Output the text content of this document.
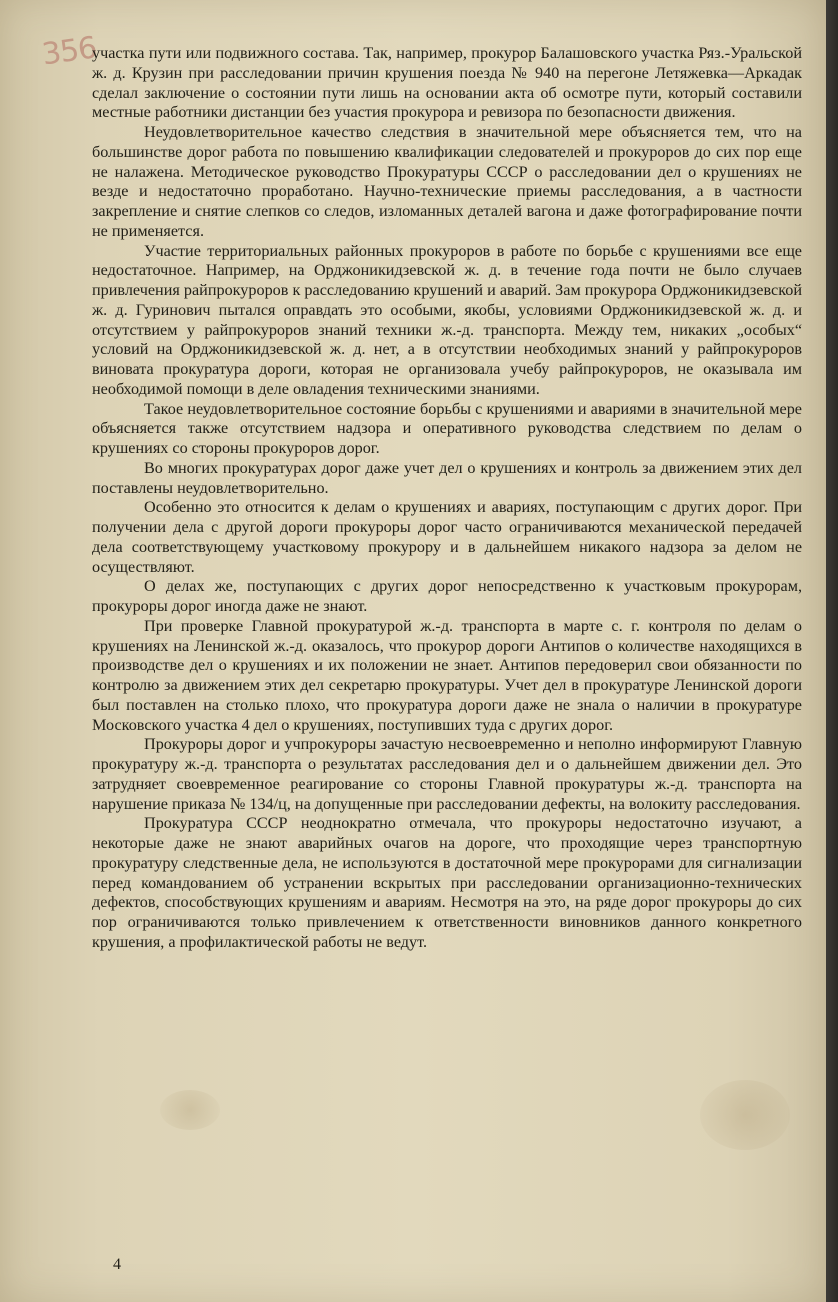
356

участка пути или подвижного состава. Так, например, прокурор Балашовского участка Ряз.-Уральской ж. д. Крузин при расследовании причин крушения поезда № 940 на перегоне Летяжевка—Аркадак сделал заключение о состоянии пути лишь на основании акта об осмотре пути, который составили местные работники дистанции без участия прокурора и ревизора по безопасности движения.

Неудовлетворительное качество следствия в значительной мере объясняется тем, что на большинстве дорог работа по повышению квалификации следователей и прокуроров до сих пор еще не налажена. Методическое руководство Прокуратуры СССР о расследовании дел о крушениях не везде и недостаточно проработано. Научно-технические приемы расследования, а в частности закрепление и снятие слепков со следов, изломанных деталей вагона и даже фотографирование почти не применяется.

Участие территориальных районных прокуроров в работе по борьбе с крушениями все еще недостаточное. Например, на Орджоникидзевской ж. д. в течение года почти не было случаев привлечения райпрокуроров к расследованию крушений и аварий. Зам прокурора Орджоникидзевской ж. д. Гуринович пытался оправдать это особыми, якобы, условиями Орджоникидзевской ж. д. и отсутствием у райпрокуроров знаний техники ж.-д. транспорта. Между тем, никаких „особых“ условий на Орджоникидзевской ж. д. нет, а в отсутствии необходимых знаний у райпрокуроров виновата прокуратура дороги, которая не организовала учебу райпрокуроров, не оказывала им необходимой помощи в деле овладения техническими знаниями.

Такое неудовлетворительное состояние борьбы с крушениями и авариями в значительной мере объясняется также отсутствием надзора и оперативного руководства следствием по делам о крушениях со стороны прокуроров дорог.

Во многих прокуратурах дорог даже учет дел о крушениях и контроль за движением этих дел поставлены неудовлетворительно.

Особенно это относится к делам о крушениях и авариях, поступающим с других дорог. При получении дела с другой дороги прокуроры дорог часто ограничиваются механической передачей дела соответствующему участковому прокурору и в дальнейшем никакого надзора за делом не осуществляют.

О делах же, поступающих с других дорог непосредственно к участковым прокурорам, прокуроры дорог иногда даже не знают.

При проверке Главной прокуратурой ж.-д. транспорта в марте с. г. контроля по делам о крушениях на Ленинской ж.-д. оказалось, что прокурор дороги Антипов о количестве находящихся в производстве дел о крушениях и их положении не знает. Антипов передоверил свои обязанности по контролю за движением этих дел секретарю прокуратуры. Учет дел в прокуратуре Ленинской дороги был поставлен на столько плохо, что прокуратура дороги даже не знала о наличии в прокуратуре Московского участка 4 дел о крушениях, поступивших туда с других дорог.

Прокуроры дорог и учпрокуроры зачастую несвоевременно и неполно информируют Главную прокуратуру ж.-д. транспорта о результатах расследования дел и о дальнейшем движении дел. Это затрудняет своевременное реагирование со стороны Главной прокуратуры ж.-д. транспорта на нарушение приказа № 134/ц, на допущенные при расследовании дефекты, на волокиту расследования.

Прокуратура СССР неоднократно отмечала, что прокуроры недостаточно изучают, а некоторые даже не знают аварийных очагов на дороге, что проходящие через транспортную прокуратуру следственные дела, не используются в достаточной мере прокурорами для сигнализации перед командованием об устранении вскрытых при расследовании организационно-технических дефектов, способствующих крушениям и авариям. Несмотря на это, на ряде дорог прокуроры до сих пор ограничиваются только привлечением к ответственности виновников данного конкретного крушения, а профилактической работы не ведут.

4
